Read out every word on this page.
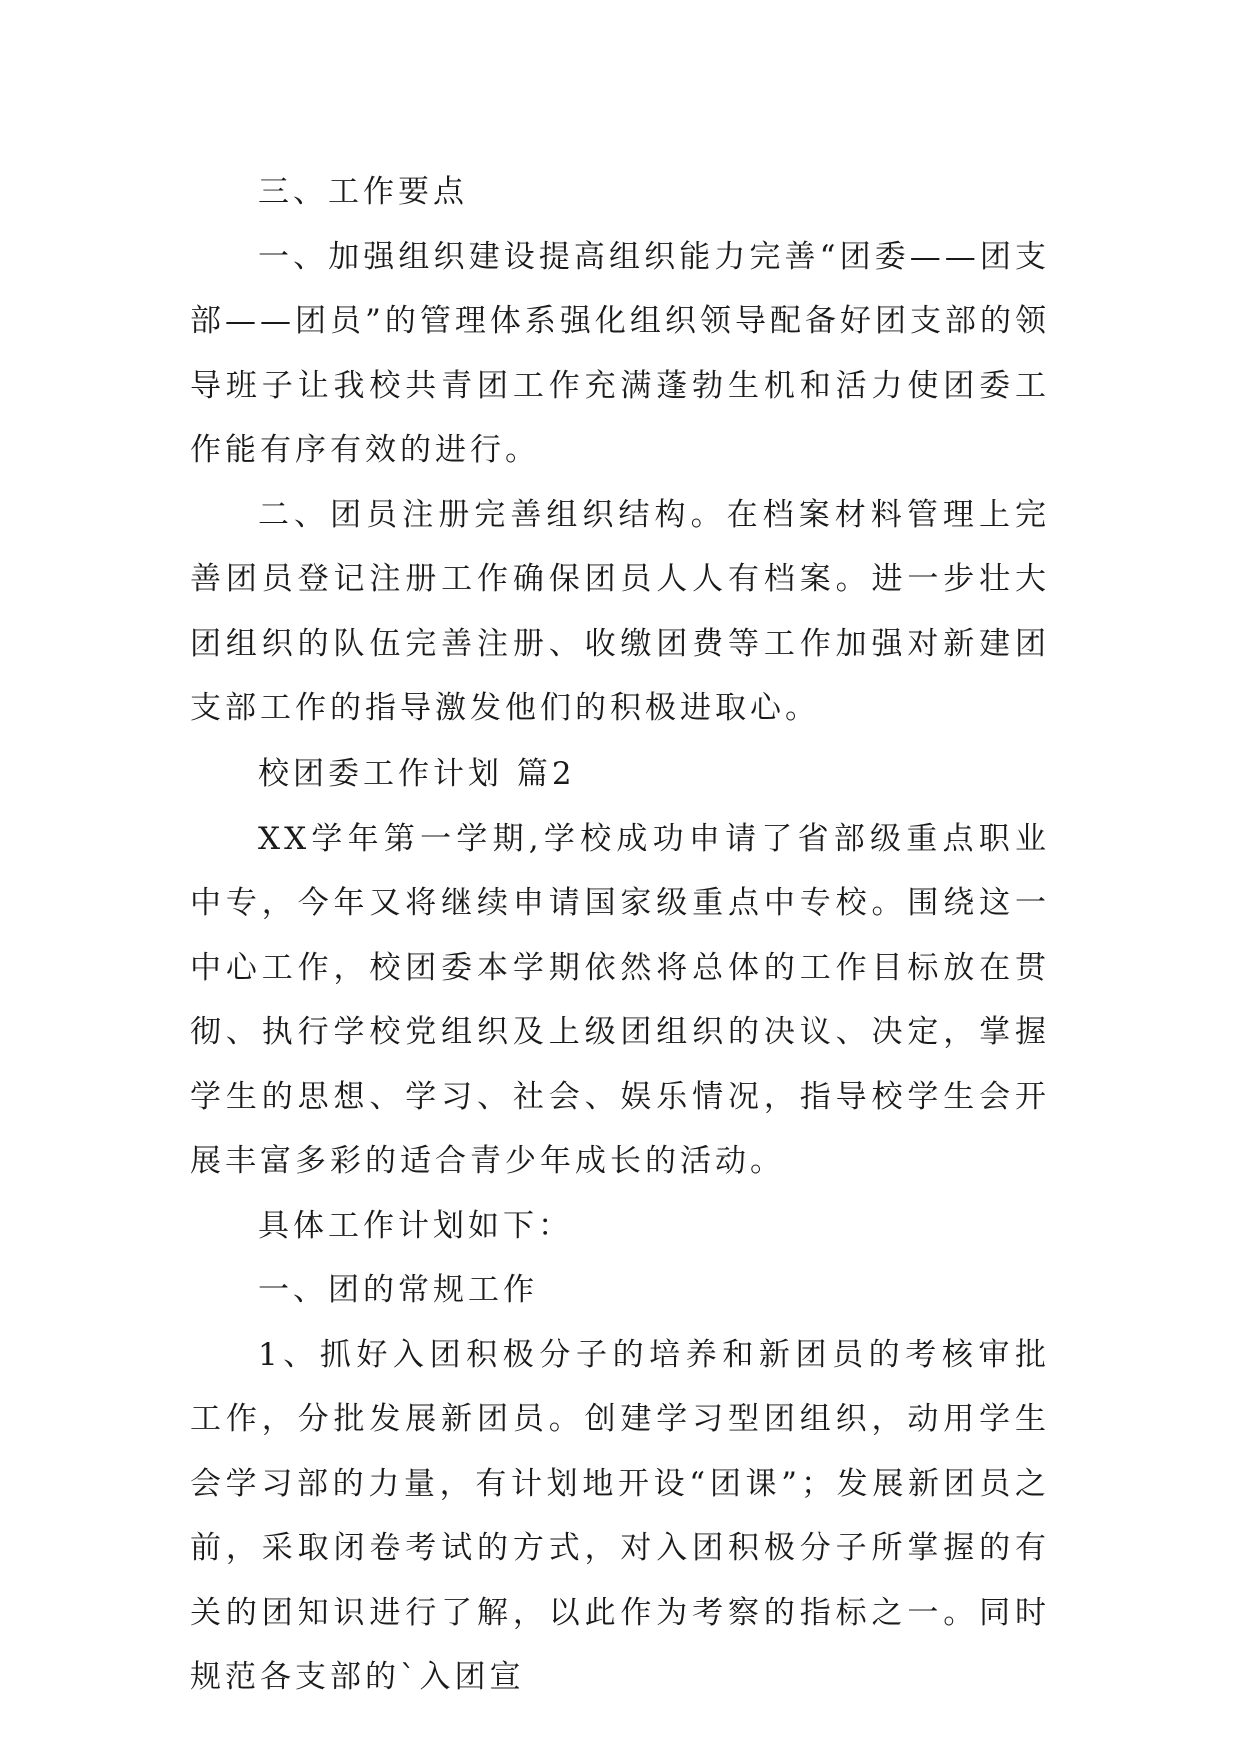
三、工作要点

一、加强组织建设提高组织能力完善“团委——团支部——团员”的管理体系强化组织领导配备好团支部的领导班子让我校共青团工作充满蓬勃生机和活力使团委工作能有序有效的进行。

二、团员注册完善组织结构。在档案材料管理上完善团员登记注册工作确保团员人人有档案。进一步壮大团组织的队伍完善注册、收缴团费等工作加强对新建团支部工作的指导激发他们的积极进取心。

校团委工作计划 篇2

XX学年第一学期,学校成功申请了省部级重点职业中专，今年又将继续申请国家级重点中专校。围绕这一中心工作，校团委本学期依然将总体的工作目标放在贯彻、执行学校党组织及上级团组织的决议、决定，掌握学生的思想、学习、社会、娱乐情况，指导校学生会开展丰富多彩的适合青少年成长的活动。

具体工作计划如下：

一、团的常规工作

1、抓好入团积极分子的培养和新团员的考核审批工作，分批发展新团员。创建学习型团组织，动用学生会学习部的力量，有计划地开设“团课”；发展新团员之前，采取闭卷考试的方式，对入团积极分子所掌握的有关的团知识进行了解，以此作为考察的指标之一。同时规范各支部的`入团宣
